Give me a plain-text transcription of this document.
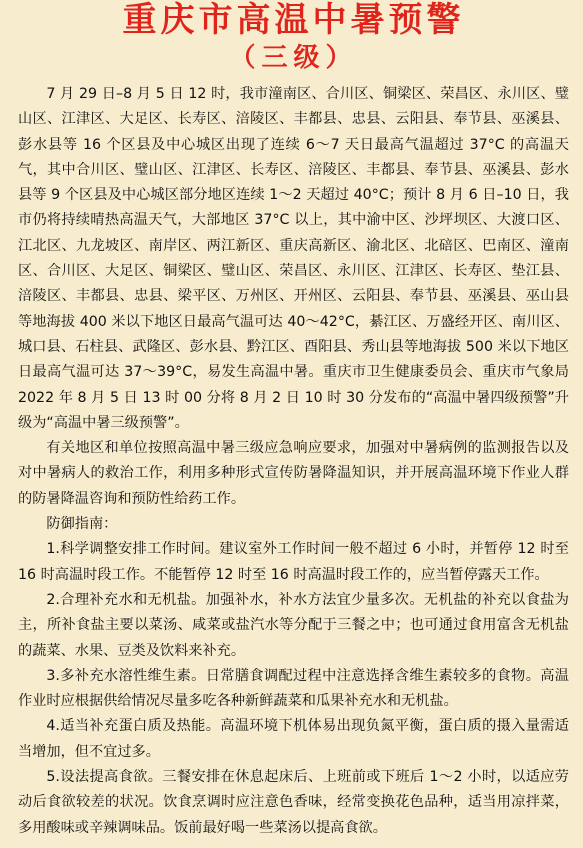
重庆市高温中暑预警
（三级）

7 月 29 日–8 月 5 日 12 时，我市潼南区、合川区、铜梁区、荣昌区、永川区、璧山区、江津区、大足区、长寿区、涪陵区、丰都县、忠县、云阳县、奉节县、巫溪县、彭水县等 16 个区县及中心城区出现了连续 6～7 天日最高气温超过 37°C 的高温天气，其中合川区、璧山区、江津区、长寿区、涪陵区、丰都县、奉节县、巫溪县、彭水县等 9 个区县及中心城区部分地区连续 1～2 天超过 40°C；预计 8 月 6 日–10 日，我市仍将持续晴热高温天气，大部地区 37°C 以上，其中渝中区、沙坪坝区、大渡口区、江北区、九龙坡区、南岸区、两江新区、重庆高新区、渝北区、北碚区、巴南区、潼南区、合川区、大足区、铜梁区、璧山区、荣昌区、永川区、江津区、长寿区、垫江县、涪陵区、丰都县、忠县、梁平区、万州区、开州区、云阳县、奉节县、巫溪县、巫山县等地海拔 400 米以下地区日最高气温可达 40～42°C，綦江区、万盛经开区、南川区、城口县、石柱县、武隆区、彭水县、黔江区、酉阳县、秀山县等地海拔 500 米以下地区日最高气温可达 37～39°C，易发生高温中暑。重庆市卫生健康委员会、重庆市气象局 2022 年 8 月 5 日 13 时 00 分将 8 月 2 日 10 时 30 分发布的“高温中暑四级预警”升级为“高温中暑三级预警”。

有关地区和单位按照高温中暑三级应急响应要求，加强对中暑病例的监测报告以及对中暑病人的救治工作，利用多种形式宣传防暑降温知识，并开展高温环境下作业人群的防暑降温咨询和预防性给药工作。

防御指南：

1.科学调整安排工作时间。建议室外工作时间一般不超过 6 小时，并暂停 12 时至 16 时高温时段工作。不能暂停 12 时至 16 时高温时段工作的，应当暂停露天工作。

2.合理补充水和无机盐。加强补水，补水方法宜少量多次。无机盐的补充以食盐为主，所补食盐主要以菜汤、咸菜或盐汽水等分配于三餐之中；也可通过食用富含无机盐的蔬菜、水果、豆类及饮料来补充。

3.多补充水溶性维生素。日常膳食调配过程中注意选择含维生素较多的食物。高温作业时应根据供给情况尽量多吃各种新鲜蔬菜和瓜果补充水和无机盐。

4.适当补充蛋白质及热能。高温环境下机体易出现负氮平衡，蛋白质的摄入量需适当增加，但不宜过多。

5.设法提高食欲。三餐安排在休息起床后、上班前或下班后 1～2 小时，以适应劳动后食欲较差的状况。饮食烹调时应注意色香味，经常变换花色品种，适当用凉拌菜，多用酸味或辛辣调味品。饭前最好喝一些菜汤以提高食欲。
